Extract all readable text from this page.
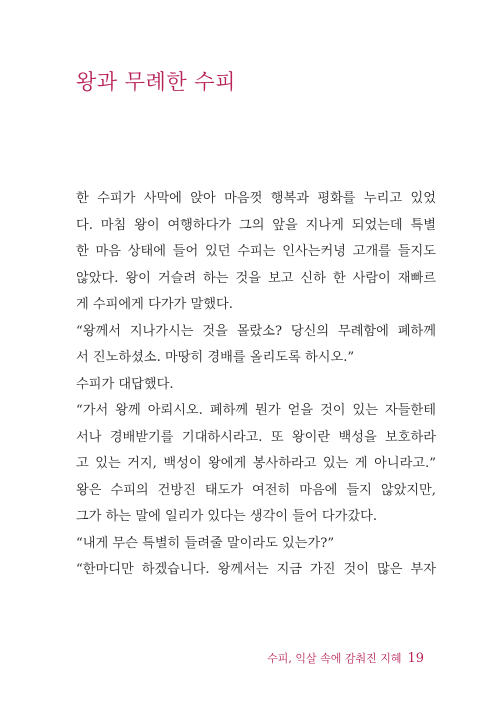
왕과 무례한 수피
한 수피가 사막에 앉아 마음껏 행복과 평화를 누리고 있었
다. 마침 왕이 여행하다가 그의 앞을 지나게 되었는데 특별
한 마음 상태에 들어 있던 수피는 인사는커녕 고개를 들지도
않았다. 왕이 거슬려 하는 것을 보고 신하 한 사람이 재빠르
게 수피에게 다가가 말했다.
“왕께서 지나가시는 것을 몰랐소? 당신의 무례함에 폐하께
서 진노하셨소. 마땅히 경배를 올리도록 하시오.”
수피가 대답했다.
“가서 왕께 아뢰시오. 폐하께 뭔가 얻을 것이 있는 자들한테
서나 경배받기를 기대하시라고. 또 왕이란 백성을 보호하라
고 있는 거지, 백성이 왕에게 봉사하라고 있는 게 아니라고.”
왕은 수피의 건방진 태도가 여전히 마음에 들지 않았지만,
그가 하는 말에 일리가 있다는 생각이 들어 다가갔다.
“내게 무슨 특별히 들려줄 말이라도 있는가?”
“한마디만 하겠습니다. 왕께서는 지금 가진 것이 많은 부자
수피, 익살 속에 감춰진 지혜 19
